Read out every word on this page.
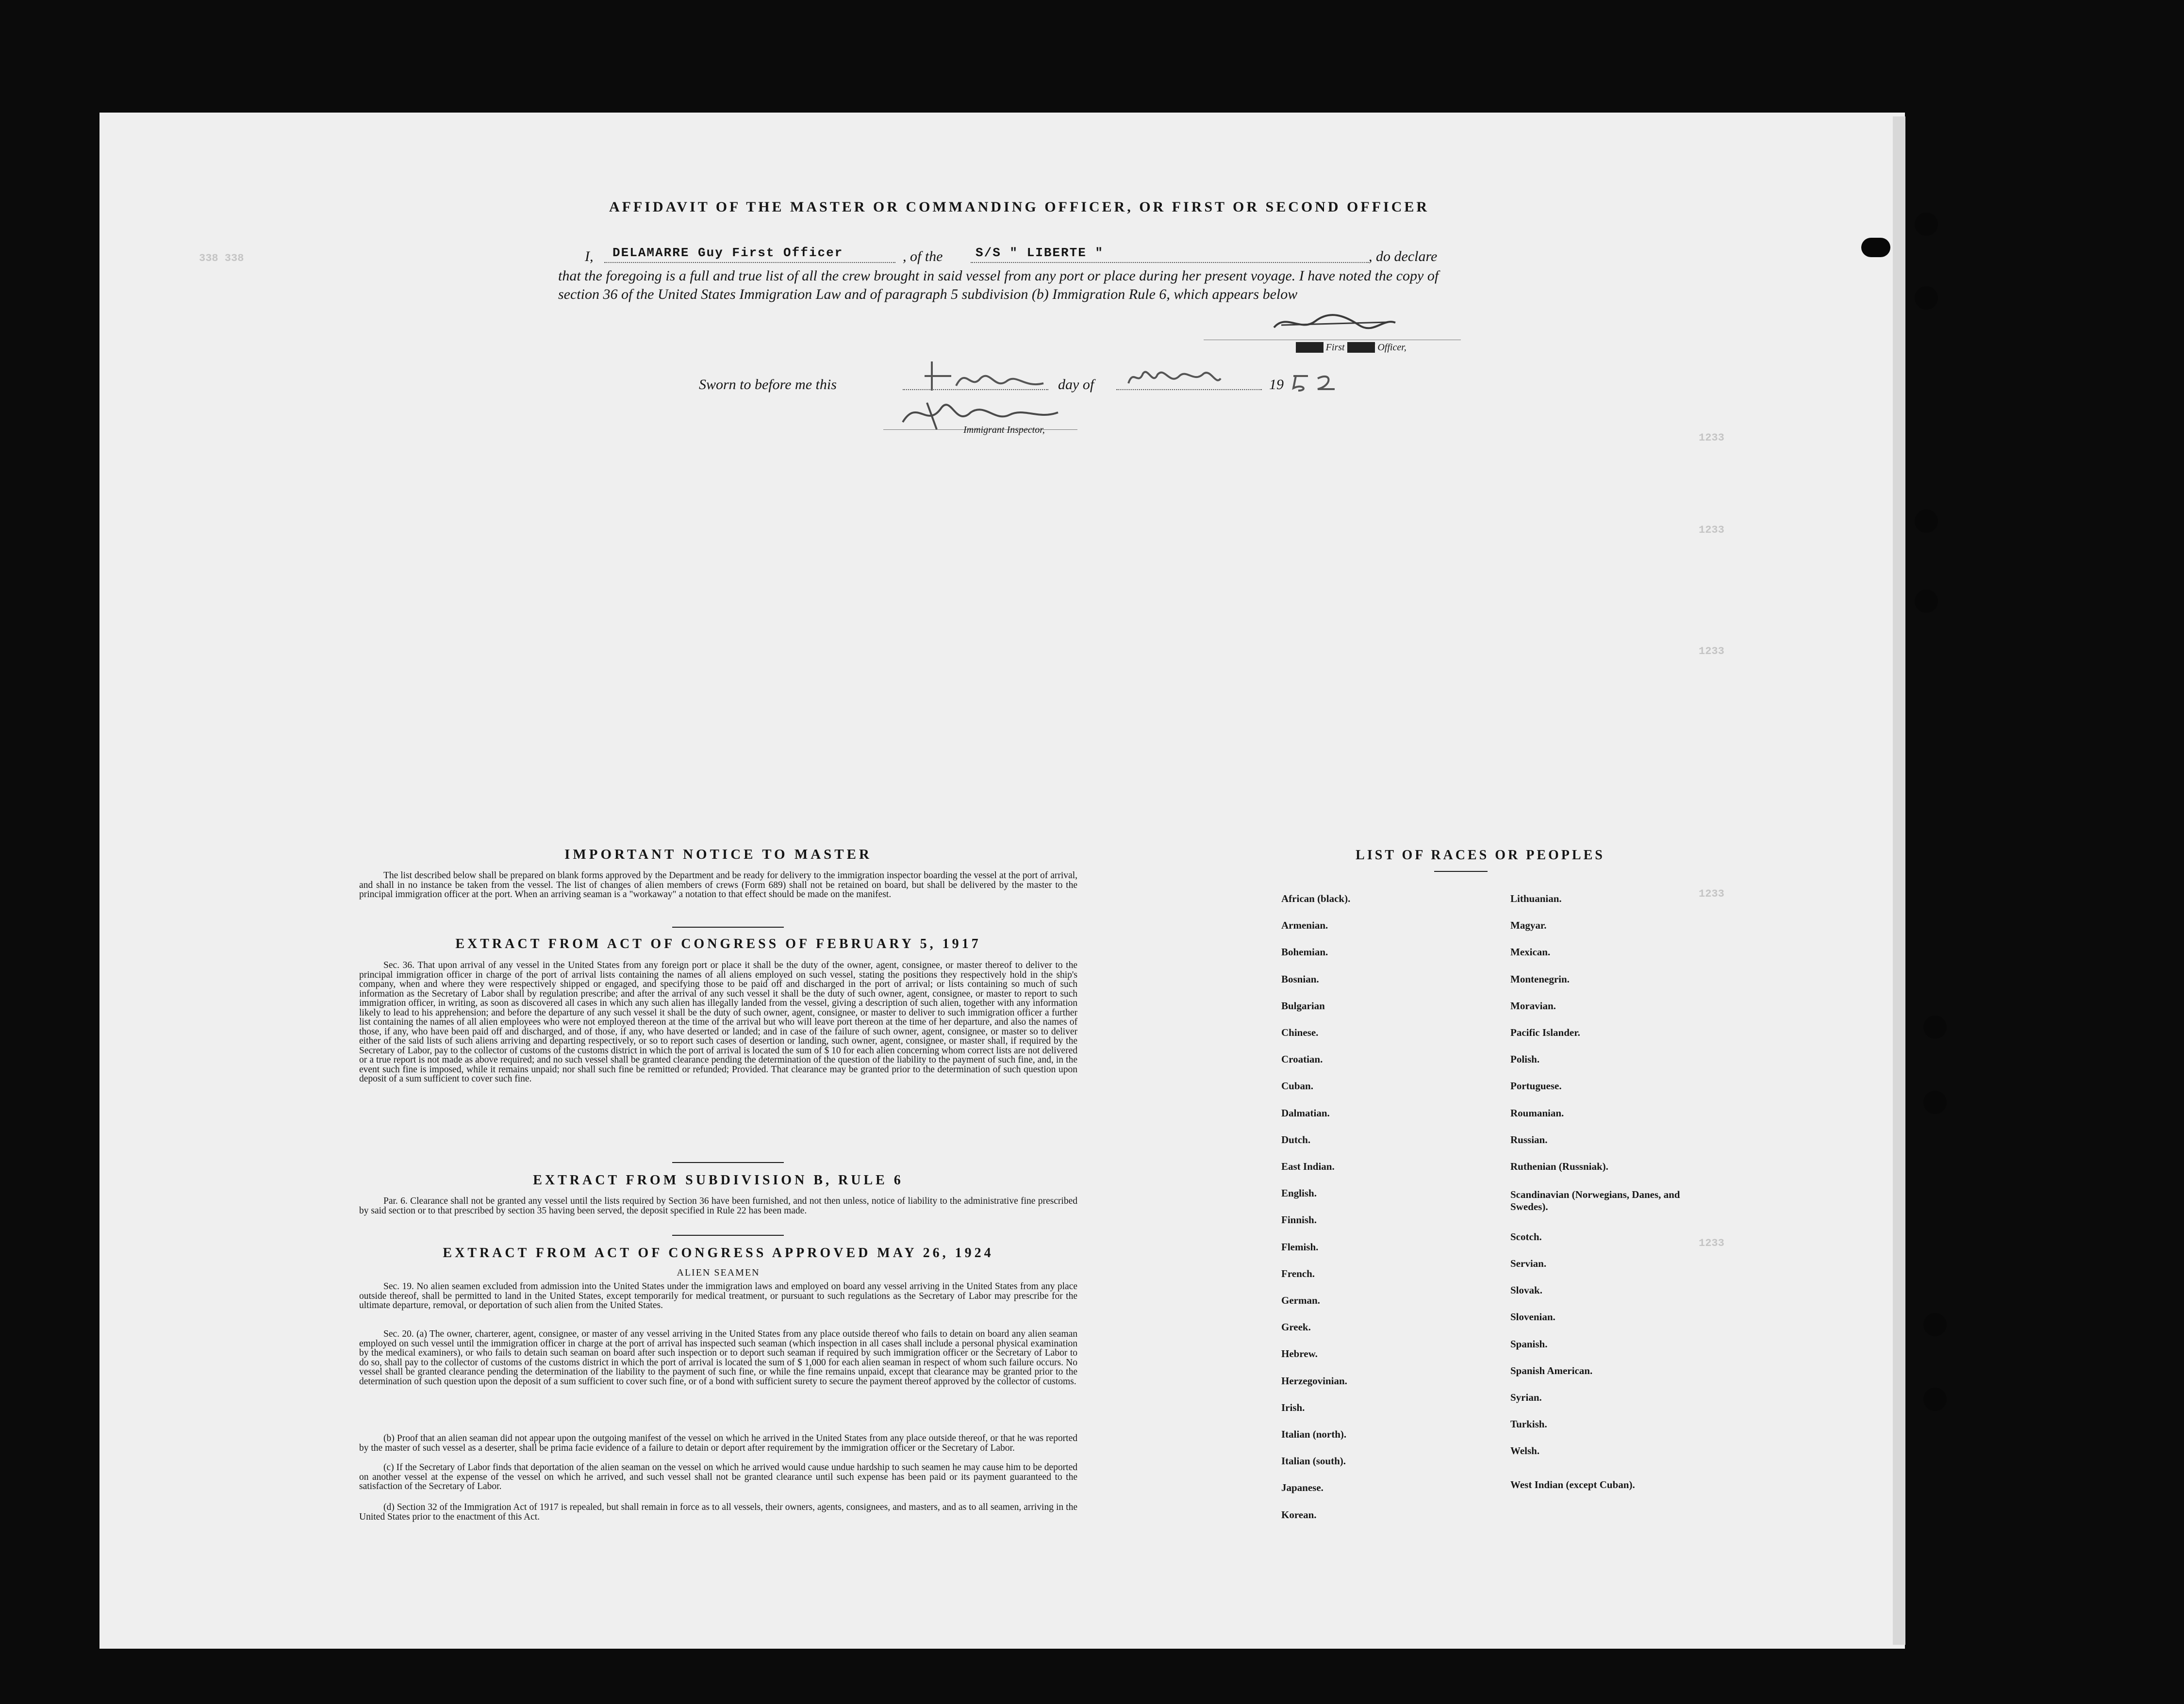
338 338
1233
1233
1233
1233
1233
AFFIDAVIT OF THE MASTER OR COMMANDING OFFICER, OR FIRST OR SECOND OFFICER
I, DELAMARRE Guy First Officer	, of the	S/S " LIBERTE "	, do declare
that the foregoing is a full and true list of all the crew brought in said vessel from any port or place during her present voyage. I have noted the copy of section 36 of the United States Immigration Law and of paragraph 5 subdivision (b) Immigration Rule 6, which appears below
Master First Second Officer,
Sworn to before me this	day of	19
Immigrant Inspector,
IMPORTANT NOTICE TO MASTER
The list described below shall be prepared on blank forms approved by the Department and be ready for delivery to the immigration inspector boarding the vessel at the port of arrival, and shall in no instance be taken from the vessel. The list of changes of alien members of crews (Form 689) shall not be retained on board, but shall be delivered by the master to the principal immigration officer at the port. When an arriving seaman is a "workaway" a notation to that effect should be made on the manifest.
EXTRACT FROM ACT OF CONGRESS OF FEBRUARY 5, 1917
Sec. 36. That upon arrival of any vessel in the United States from any foreign port or place it shall be the duty of the owner, agent, consignee, or master thereof to deliver to the principal immigration officer in charge of the port of arrival lists containing the names of all aliens employed on such vessel, stating the positions they respectively hold in the ship's company, when and where they were respectively shipped or engaged, and specifying those to be paid off and discharged in the port of arrival; or lists containing so much of such information as the Secretary of Labor shall by regulation prescribe; and after the arrival of any such vessel it shall be the duty of such owner, agent, consignee, or master to report to such immigration officer, in writing, as soon as discovered all cases in which any such alien has illegally landed from the vessel, giving a description of such alien, together with any information likely to lead to his apprehension; and before the departure of any such vessel it shall be the duty of such owner, agent, consignee, or master to deliver to such immigration officer a further list containing the names of all alien employees who were not employed thereon at the time of the arrival but who will leave port thereon at the time of her departure, and also the names of those, if any, who have been paid off and discharged, and of those, if any, who have deserted or landed; and in case of the failure of such owner, agent, consignee, or master so to deliver either of the said lists of such aliens arriving and departing respectively, or so to report such cases of desertion or landing, such owner, agent, consignee, or master shall, if required by the Secretary of Labor, pay to the collector of customs of the customs district in which the port of arrival is located the sum of $ 10 for each alien concerning whom correct lists are not delivered or a true report is not made as above required; and no such vessel shall be granted clearance pending the determination of the question of the liability to the payment of such fine, and, in the event such fine is imposed, while it remains unpaid; nor shall such fine be remitted or refunded; Provided. That clearance may be granted prior to the determination of such question upon deposit of a sum sufficient to cover such fine.
EXTRACT FROM SUBDIVISION B, RULE 6
Par. 6. Clearance shall not be granted any vessel until the lists required by Section 36 have been furnished, and not then unless, notice of liability to the administrative fine prescribed by said section or to that prescribed by section 35 having been served, the deposit specified in Rule 22 has been made.
EXTRACT FROM ACT OF CONGRESS APPROVED MAY 26, 1924
ALIEN SEAMEN
Sec. 19. No alien seamen excluded from admission into the United States under the immigration laws and employed on board any vessel arriving in the United States from any place outside thereof, shall be permitted to land in the United States, except temporarily for medical treatment, or pursuant to such regulations as the Secretary of Labor may prescribe for the ultimate departure, removal, or deportation of such alien from the United States.
Sec. 20. (a) The owner, charterer, agent, consignee, or master of any vessel arriving in the United States from any place outside thereof who fails to detain on board any alien seaman employed on such vessel until the immigration officer in charge at the port of arrival has inspected such seaman (which inspection in all cases shall include a personal physical examination by the medical examiners), or who fails to detain such seaman on board after such inspection or to deport such seaman if required by such immigration officer or the Secretary of Labor to do so, shall pay to the collector of customs of the customs district in which the port of arrival is located the sum of $ 1,000 for each alien seaman in respect of whom such failure occurs. No vessel shall be granted clearance pending the determination of the liability to the payment of such fine, or while the fine remains unpaid, except that clearance may be granted prior to the determination of such question upon the deposit of a sum sufficient to cover such fine, or of a bond with sufficient surety to secure the payment thereof approved by the collector of customs.
(b) Proof that an alien seaman did not appear upon the outgoing manifest of the vessel on which he arrived in the United States from any place outside thereof, or that he was reported by the master of such vessel as a deserter, shall be prima facie evidence of a failure to detain or deport after requirement by the immigration officer or the Secretary of Labor.
(c) If the Secretary of Labor finds that deportation of the alien seaman on the vessel on which he arrived would cause undue hardship to such seamen he may cause him to be deported on another vessel at the expense of the vessel on which he arrived, and such vessel shall not be granted clearance until such expense has been paid or its payment guaranteed to the satisfaction of the Secretary of Labor.
(d) Section 32 of the Immigration Act of 1917 is repealed, but shall remain in force as to all vessels, their owners, agents, consignees, and masters, and as to all seamen, arriving in the United States prior to the enactment of this Act.
LIST OF RACES OR PEOPLES
African (black).
Armenian.
Bohemian.
Bosnian.
Bulgarian
Chinese.
Croatian.
Cuban.
Dalmatian.
Dutch.
East Indian.
English.
Finnish.
Flemish.
French.
German.
Greek.
Hebrew.
Herzegovinian.
Irish.
Italian (north).
Italian (south).
Japanese.
Korean.
Lithuanian.
Magyar.
Mexican.
Montenegrin.
Moravian.
Pacific Islander.
Polish.
Portuguese.
Roumanian.
Russian.
Ruthenian (Russniak).
Scandinavian (Norwegians, Danes, and Swedes).
Scotch.
Servian.
Slovak.
Slovenian.
Spanish.
Spanish American.
Syrian.
Turkish.
Welsh.
West Indian (except Cuban).
